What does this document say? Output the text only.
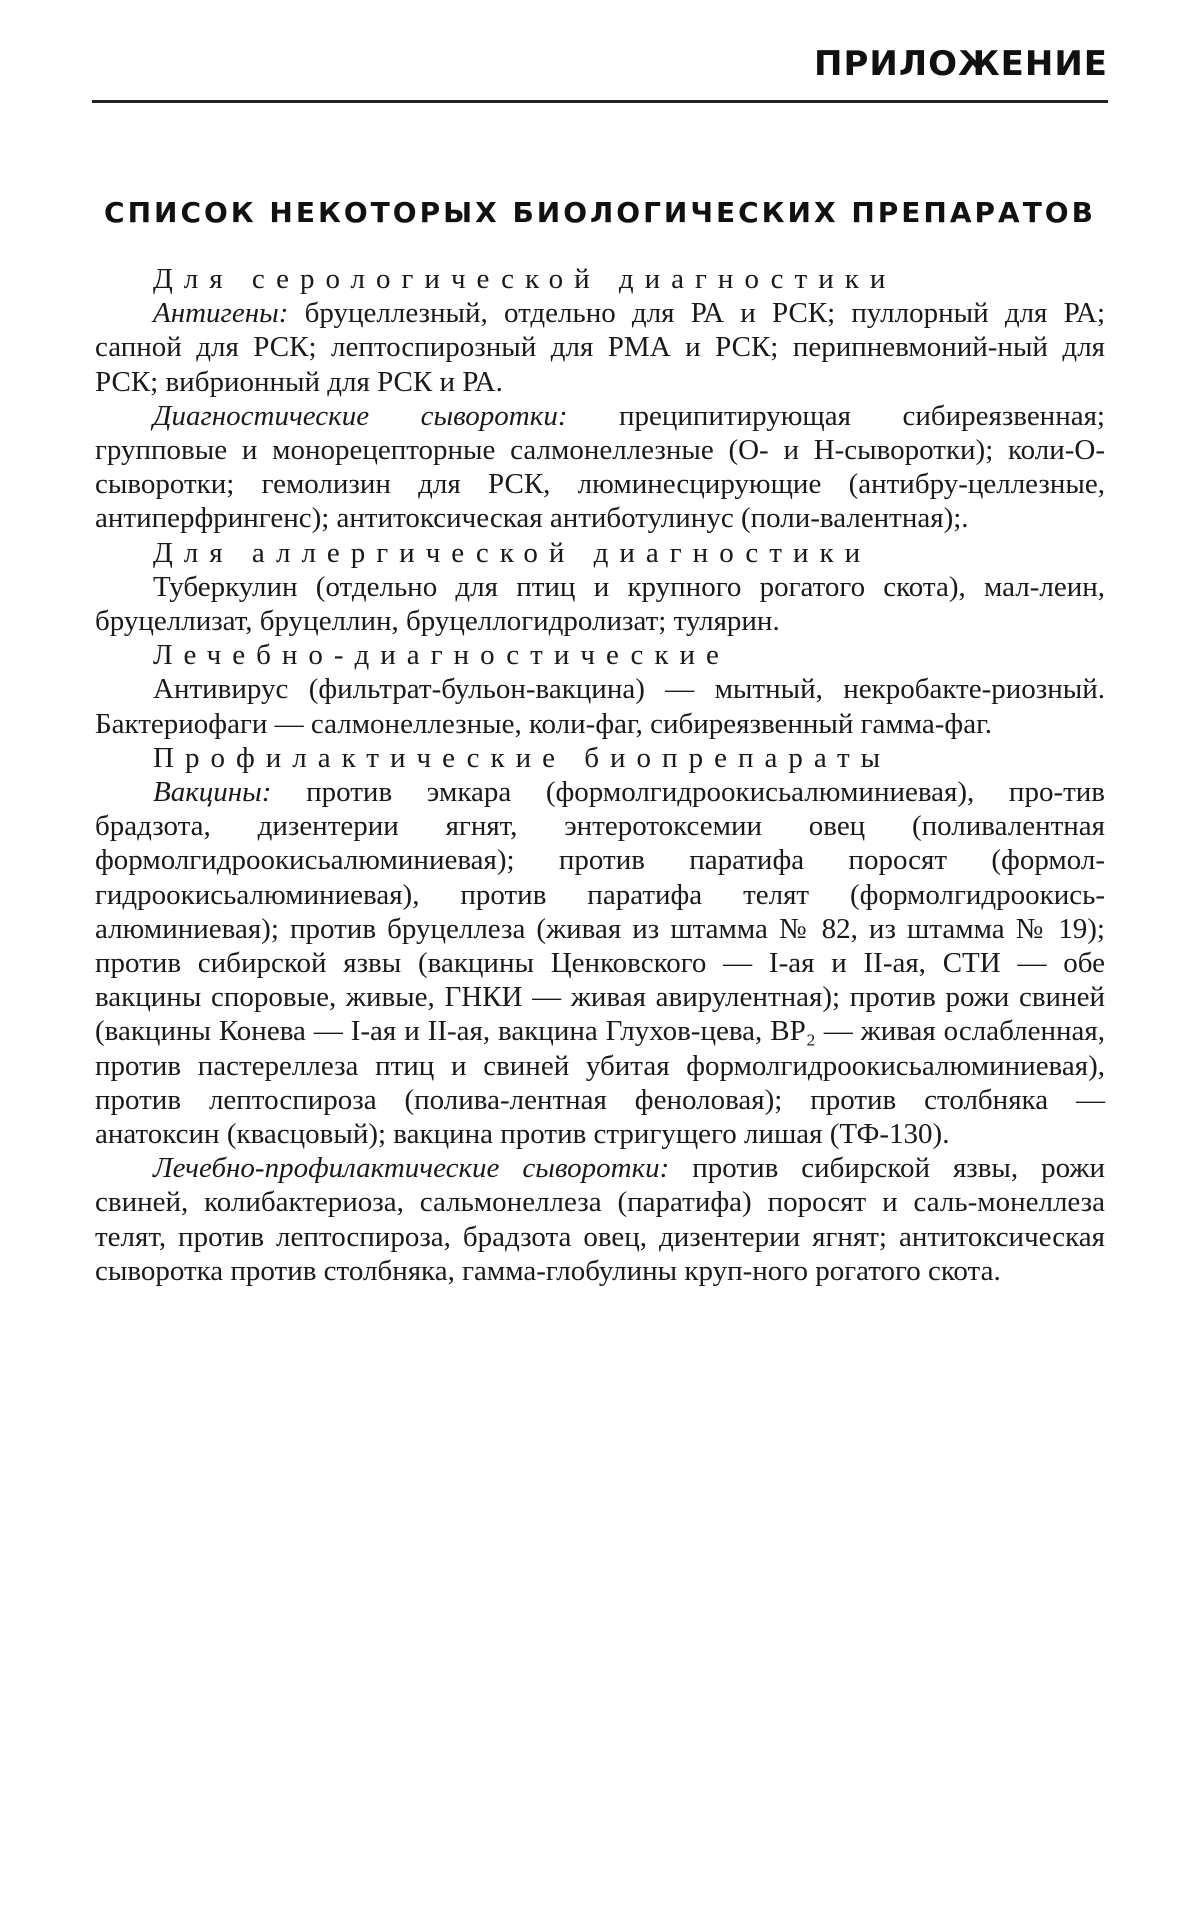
ПРИЛОЖЕНИЕ
СПИСОК НЕКОТОРЫХ БИОЛОГИЧЕСКИХ ПРЕПАРАТОВ

Для серологической диагностики

Антигены: бруцеллезный, отдельно для РА и РСК; пуллорный для РА; сапной для РСК; лептоспирозный для РМА и РСК; перипневмоний-ный для РСК; вибрионный для РСК и РА.

Диагностические сыворотки: преципитирующая сибиреязвенная; групповые и монорецепторные салмонеллезные (О- и Н-сыворотки); коли-О-сыворотки; гемолизин для РСК, люминесцирующие (антибру-целлезные, антиперфрингенс); антитоксическая антиботулинус (поли-валентная);.

Для аллергической диагностики

Туберкулин (отдельно для птиц и крупного рогатого скота), мал-леин, бруцеллизат, бруцеллин, бруцеллогидролизат; тулярин.

Лечебно-диагностические

Антивирус (фильтрат-бульон-вакцина) — мытный, некробакте-риозный. Бактериофаги — салмонеллезные, коли-фаг, сибиреязвенный гамма-фаг.

Профилактические биопрепараты

Вакцины: против эмкара (формолгидроокисьалюминиевая), про-тив брадзота, дизентерии ягнят, энтеротоксемии овец (поливалентная формолгидроокисьалюминиевая); против паратифа поросят (формол-гидроокисьалюминиевая), против паратифа телят (формолгидроокись-алюминиевая); против бруцеллеза (живая из штамма № 82, из штамма № 19); против сибирской язвы (вакцины Ценковского — I-ая и II-ая, СТИ — обе вакцины споровые, живые, ГНКИ — живая авирулентная); против рожи свиней (вакцины Конева — I-ая и II-ая, вакцина Глухов-цева, ВР₂ — живая ослабленная, против пастереллеза птиц и свиней убитая формолгидроокисьалюминиевая), против лептоспироза (полива-лентная феноловая); против столбняка — анатоксин (квасцовый); вакцина против стригущего лишая (ТФ-130).

Лечебно-профилактические сыворотки: против сибирской язвы, рожи свиней, колибактериоза, сальмонеллеза (паратифа) поросят и саль-монеллеза телят, против лептоспироза, брадзота овец, дизентерии ягнят; антитоксическая сыворотка против столбняка, гамма-глобулины круп-ного рогатого скота.
